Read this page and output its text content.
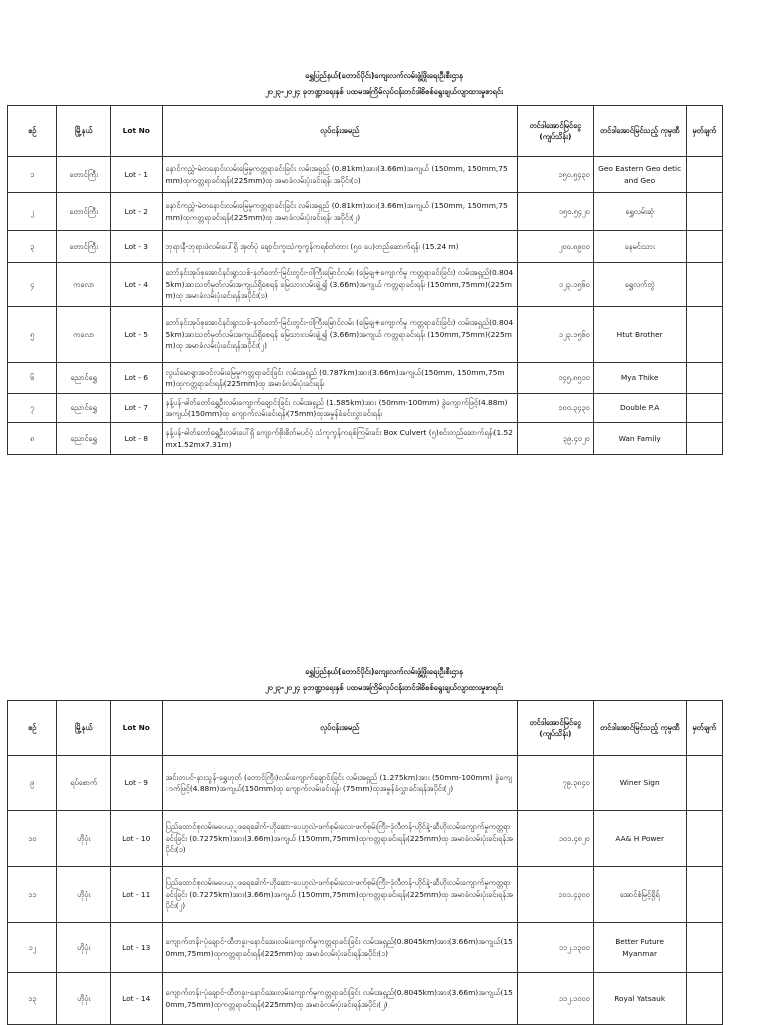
ရွှေပြည်နယ်(တောင်ပိုင်း)ကျေးလက်လမ်းဖွံ့ဖြိုးရေးဦးစီးဌာန
၂၀၂၃-၂၀၂၄ ခုဘဏ္ဍာရေးနှစ် ပထမအကြိမ်လုပ်ငန်းတင်ဒါစိစစ်ရွေးချယ်လျာထားမှုစာရင်း
စဉ်	မြို့နယ်	Lot No	လုပ်ငန်းအမည်	တင်ဒါအောင်မြင်ငွေ (ကျပ်သိန်း)	တင်ဒါအောင်မြင်သည့် ကုမ္ပဏီ	မှတ်ချက်
၁	တောင်ကြီး	Lot - 1	နောင်ကညွှဲ-မဲတနောင်းလမ်းမြေမှုကတ္တရာခင်းခြင်း လမ်းအရှည် (0.81km)အား(3.66m)အကျယ် (150mm, 150mm,75mm)ထုကတ္တရာခင်းရန်၊(225mm)ထု အမာခံလမ်းပုံးခင်းရန်၊ အပိုင်း(၁)	၁၅၀.၅၄၃၀	Geo Eastern Geo detic and Geo	
၂	တောင်ကြီး	Lot - 2	နောင်ကညွှဲ-မဲတနောင်းလမ်းမြေမှုကတ္တရာခင်းခြင်း လမ်းအရှည် (0.81km)အား(3.66m)အကျယ် (150mm, 150mm,75mm)ထုကတ္တရာခင်းရန်၊(225mm)ထု အမာခံလမ်းပုံးခင်းရန်၊ အပိုင်း(၂)	၁၅၀.၅၄၂၀	ရွှေလမ်းဆုံ	
၃	တောင်ကြီး	Lot - 3	ဘုရားနီ-ဘုရားဖဲလမ်းပေါ်ရှိ အုတ်ပုံ ချောင်းကူးသံကူကွန်ကရစ်တံတား (၅၀ ပေ)တည်ဆောက်ရန်၊ (15.24 m)	၂၀၀.၈၉၀၀	ခနမင်းသား	
၄	ကလော	Lot - 4	ဘော်နင်းအုပ်စုအောင်နင်းရွာသစ်-နတ်တော်-မြင်းတွင်း-ဝါကြီးမြောင်လမ်း (မြေချ+ကျောက်မှု ကတ္တရာခင်းခြင်း) လမ်းအရှည်(0.8045km)အားသတ်မှတ်လမ်းအကျယ်ရှိစေရန် မြေသားလမ်းချဲ့၍ (3.66m)အကျယ် ကတ္တရာခင်းရန်၊ (150mm,75mm)(225mm)ထု အမာခံလမ်းပုံးခင်းရန်အပိုင်း(၁)	၁၂၃.၁၅၆၀	ရွှေလက်တွဲ	
၅	ကလော	Lot - 5	ဘော်နင်းအုပ်စုအောင်နင်းရွာသစ်-နတ်တော်-မြင်းတွင်း-ဝါကြီးမြောင်လမ်း (မြေချ+ကျောက်မှု ကတ္တရာခင်းခြင်း) လမ်းအရှည်(0.8045km)အားသတ်မှတ်လမ်းအကျယ်ရှိစေရန် မြေသားလမ်းချဲ့၍ (3.66m)အကျယ် ကတ္တရာခင်းရန်၊ (150mm,75mm)(225mm)ထု အမာခံလမ်းပုံးခင်းရန်အပိုင်း(၂)	၁၂၃.၁၅၆၀	Htut Brother	
၆	ညောင်ရွှေ	Lot - 6	လွယ်မောရွာအဝင်လမ်းမြေမှုကတ္တရာခင်းခြင်း လမ်းအရှည် (0.787km)အား(3.66m)အကျယ်(150mm, 150mm,75mm)ထုကတ္တရာခင်းရန်၊(225mm)ထု အမာခံလမ်းပုံးခင်းရန်၊	၁၄၅.၈၅၁၀	Mya Thike	
၇	ညောင်ရွှေ	Lot - 7	နန့်ပန်-ဓါတ်တော်ရွှေဦးလမ်းကျောက်ချောင်းခြင်း လမ်းအရှည် (1.585km)အား (50mm-100mm) ခွဲကျောက်ဖြင့်(4.88m)အကျယ်(150mm)ထု ကျောက်လမ်းခင်းရန်၊(75mm)ထုအမှုန်ခံခင်းလွှာခင်းရန်၊	၁၀၀.၃၄၃၀	Double P.A	
၈	ညောင်ရွှေ	Lot - 8	နန့်ပန်-ဓါတ်တော်ရွှေဦးလမ်းပေါ်ရှိ ကျောက်စိုးစိတ်မပင်ပံ့ သံကူကွန်ကရစ်ကြမ်းခင်း Box Culvert (၅)စင်းတည်ဆောက်ရန်၊(1.52mx1.52mx7.31m)	၃၉.၄၀၂၀	Wan Family	
ရွှေပြည်နယ်(တောင်ပိုင်း)ကျေးလက်လမ်းဖွံ့ဖြိုးရေးဦးစီးဌာန
၂၀၂၃-၂၀၂၄ ခုဘဏ္ဍာရေးနှစ် ပထမအကြိမ်လုပ်ငန်းတင်ဒါစိစစ်ရွေးချယ်လျာထားမှုစာရင်း
စဉ်	မြို့နယ်	Lot No	လုပ်ငန်းအမည်	တင်ဒါအောင်မြင်ငွေ (ကျပ်သိန်း)	တင်ဒါအောင်မြင်သည့် ကုမ္ပဏီ	မှတ်ချက်
၉	ရပ်စောက်	Lot - 9	အင်းတပင်-နားသွန်-ရွှေဟုတ် (တောင်ကြီး)လမ်းကျောက်ချောင်းခြင်း လမ်းအရှည် (1.275km)အား (50mm-100mm) ခွဲကျောက်ဖြင့်(4.88m)အကျယ်(150mm)ထု ကျောက်လမ်းခင်းရန်၊ (75mm)ထုအမှုန်ခံလွှာခင်းရန်အပိုင်း(၂)	၇၉.၃၈၄၀	Winer Sign	
၁၀	ဟိုပုံး	Lot - 10	ပြည်ထောင်စုလမ်းမပေယ့ူဖရေခေါက်-ဟိုဆော-ပေဟူလဲ-ဖက်စုမ်းလေး-ဖက်စုမ်းကြီး-ဒုံလီတန်-ဟိုင်နဲ့-ဆီဟိုးလမ်းကျောက်မှုကတ္တရာခင်းခြင်း (0.7275km)အား(3.66m)အကျယ် (150mm,75mm)ထုကတ္တရာခင်းရန်၊(225mm)ထု အမာခံလမ်းပုံးခင်းရန်အပိုင်း(၁)	၁၀၁.၄၈၂၀	AA& H Power	
၁၁	ဟိုပုံး	Lot - 11	ပြည်ထောင်စုလမ်းမပေယ့ူဖရေခေါက်-ဟိုဆော-ပေဟူလဲ-ဖက်စုမ်းလေး-ဖက်စုမ်းကြီး-ဒုံလီတန်-ဟိုင်နဲ့-ဆီဟိုးလမ်းကျောက်မှုကတ္တရာခင်းခြင်း (0.7275km)အား(3.66m)အကျယ် (150mm,75mm)ထုကတ္တရာခင်းရန်၊(225mm)ထု အမာခံလမ်းပုံးခင်းရန်အပိုင်း(၂)	၁၀၁.၄၃၀၀	အောင်စံမြင့်ရှိရ်	
၁၂	ဟိုပုံး	Lot - 13	ကျောက်တန်း-ပုံချောင်-ထီတခူး-နောင်အေးလမ်းကျောက်မှုကတ္တရာခင်းခြင်း လမ်းအရှည်(0.8045km)အား(3.66m)အကျယ်(150mm,75mm)ထုကတ္တရာခင်းရန်၊(225mm)ထု အမာခံလမ်းပုံးခင်းရန်အပိုင်း(၁)	၁၁၂.၁၃၀၀	Better Future Myanmar	
၁၃	ဟိုပုံး	Lot - 14	ကျောက်တန်း-ပုံချောင်-ထီတခူး-နောင်အေးလမ်းကျောက်မှုကတ္တရာခင်းခြင်း လမ်းအရှည်(0.8045km)အား(3.66m)အကျယ်(150mm,75mm)ထုကတ္တရာခင်းရန်၊(225mm)ထု အမာခံလမ်းပုံးခင်းရန်အပိုင်း(၂)	၁၁၂.၁၀၀၀	Royal Yatsauk	
